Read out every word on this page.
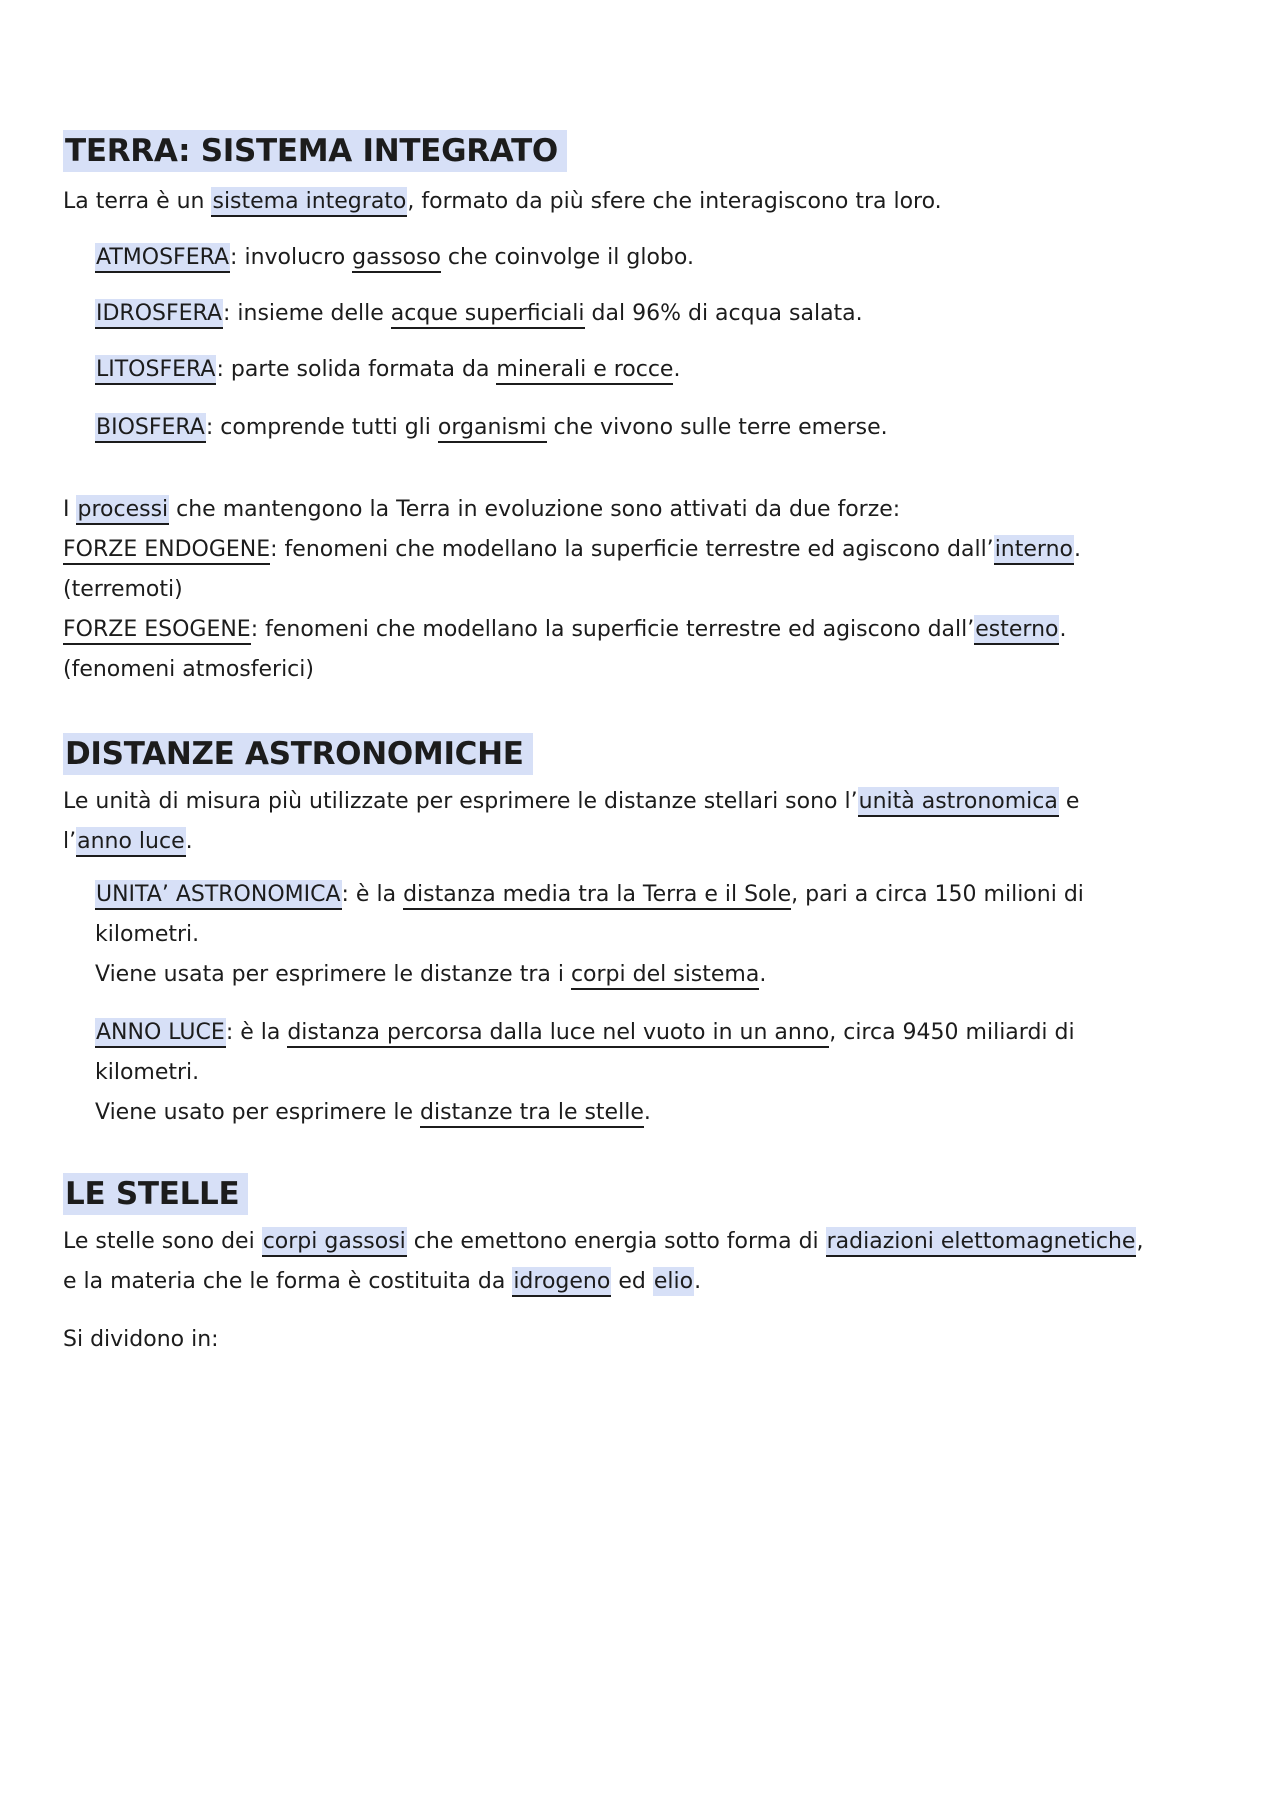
TERRA: SISTEMA INTEGRATO
La terra è un sistema integrato, formato da più sfere che interagiscono tra loro.
ATMOSFERA: involucro gassoso che coinvolge il globo.
IDROSFERA: insieme delle acque superficiali dal 96% di acqua salata.
LITOSFERA: parte solida formata da minerali e rocce.
BIOSFERA: comprende tutti gli organismi che vivono sulle terre emerse.
I processi che mantengono la Terra in evoluzione sono attivati da due forze:
FORZE ENDOGENE: fenomeni che modellano la superficie terrestre ed agiscono dall’interno.
(terremoti)
FORZE ESOGENE: fenomeni che modellano la superficie terrestre ed agiscono dall’esterno.
(fenomeni atmosferici)
DISTANZE ASTRONOMICHE
Le unità di misura più utilizzate per esprimere le distanze stellari sono l’unità astronomica e
l’anno luce.
UNITA’ ASTRONOMICA: è la distanza media tra la Terra e il Sole, pari a circa 150 milioni di
kilometri.
Viene usata per esprimere le distanze tra i corpi del sistema.
ANNO LUCE: è la distanza percorsa dalla luce nel vuoto in un anno, circa 9450 miliardi di
kilometri.
Viene usato per esprimere le distanze tra le stelle.
LE STELLE
Le stelle sono dei corpi gassosi che emettono energia sotto forma di radiazioni elettomagnetiche,
e la materia che le forma è costituita da idrogeno ed elio.
Si dividono in:
